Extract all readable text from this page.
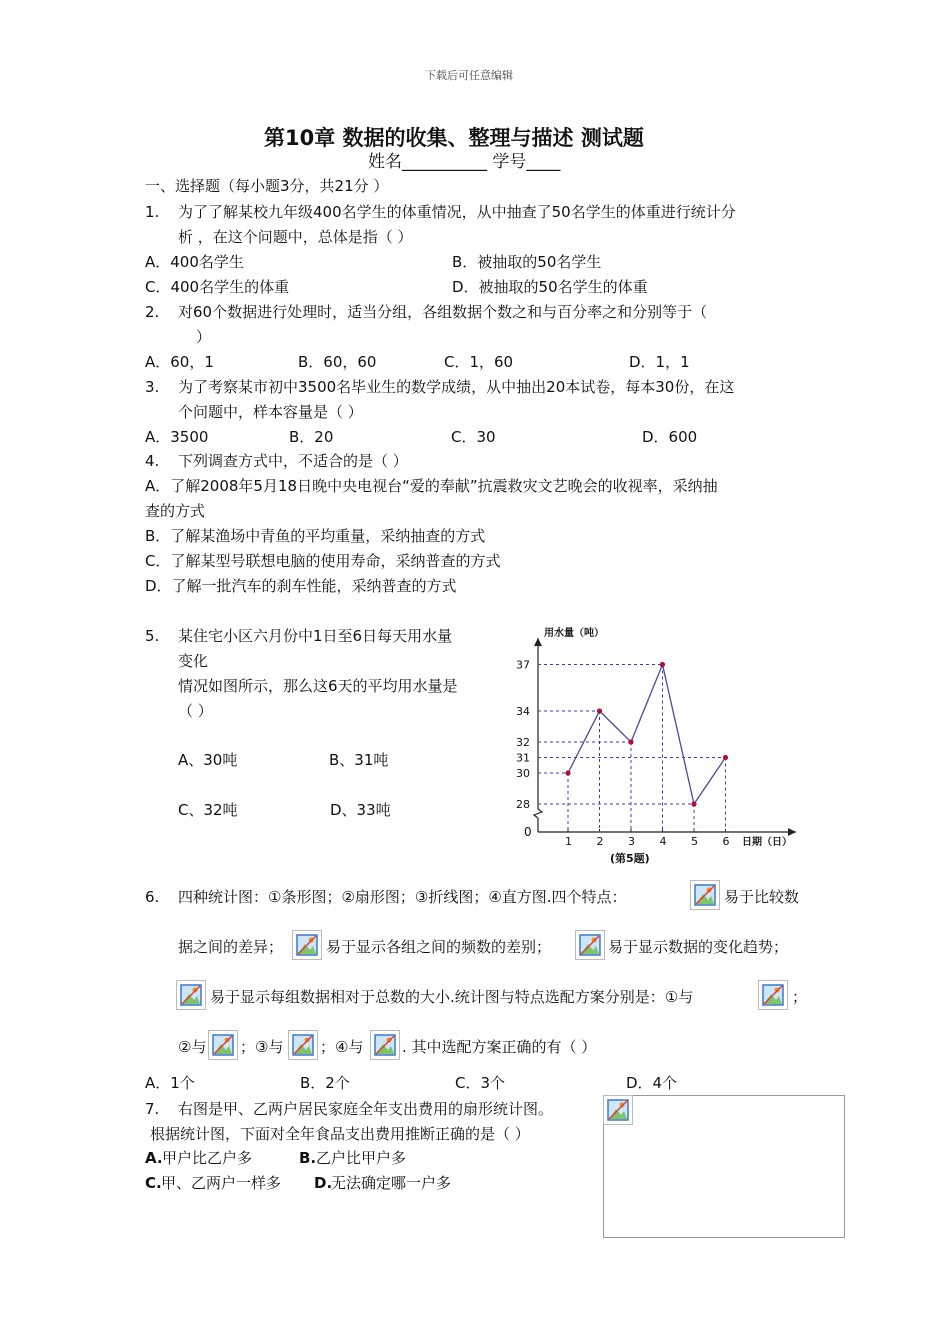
下载后可任意编辑
第10章 数据的收集、整理与描述 测试题
姓名__________ 学号____
一、选择题（每小题3分，共21分 ）
1. 为了了解某校九年级400名学生的体重情况，从中抽查了50名学生的体重进行统计分
析 ，在这个问题中，总体是指（ ）
A．400名学生	B．被抽取的50名学生
C．400名学生的体重	D．被抽取的50名学生的体重
2. 对60个数据进行处理时，适当分组，各组数据个数之和与百分率之和分别等于（
）
A．60，1	B．60，60	C．1，60	D．1，1
3. 为了考察某市初中3500名毕业生的数学成绩，从中抽出20本试卷，每本30份，在这
个问题中，样本容量是（ ）
A．3500	B．20	C．30	D．600
4. 下列调查方式中，不适合的是（ ）
A．了解2008年5月18日晚中央电视台“爱的奉献”抗震救灾文艺晚会的收视率，采纳抽
查的方式
B．了解某渔场中青鱼的平均重量，采纳抽查的方式
C．了解某型号联想电脑的使用寿命，采纳普查的方式
D．了解一批汽车的刹车性能，采纳普查的方式
5. 某住宅小区六月份中1日至6日每天用水量
变化
情况如图所示，那么这6天的平均用水量是
（ ）
A、30吨	B、31吨
C、32吨	D、33吨
用水量（吨）
日期（日）
(第5题)
0
28
30
31
32
34
37
1 2 3 4 5 6
6. 四种统计图：①条形图；②扇形图；③折线图；④直方图.四个特点：	易于比较数
据之间的差异；	易于显示各组之间的频数的差别；	易于显示数据的变化趋势；
易于显示每组数据相对于总数的大小.统计图与特点选配方案分别是：①与	；
②与 ；③与 ；④与	. 其中选配方案正确的有（ ）
A．1个	B．2个	C．3个	D．4个
7. 右图是甲、乙两户居民家庭全年支出费用的扇形统计图。
根据统计图，下面对全年食品支出费用推断正确的是（ ）
A. 甲户比乙户多	B. 乙户比甲户多
C. 甲、乙两户一样多 D.
无法确定哪一户多
